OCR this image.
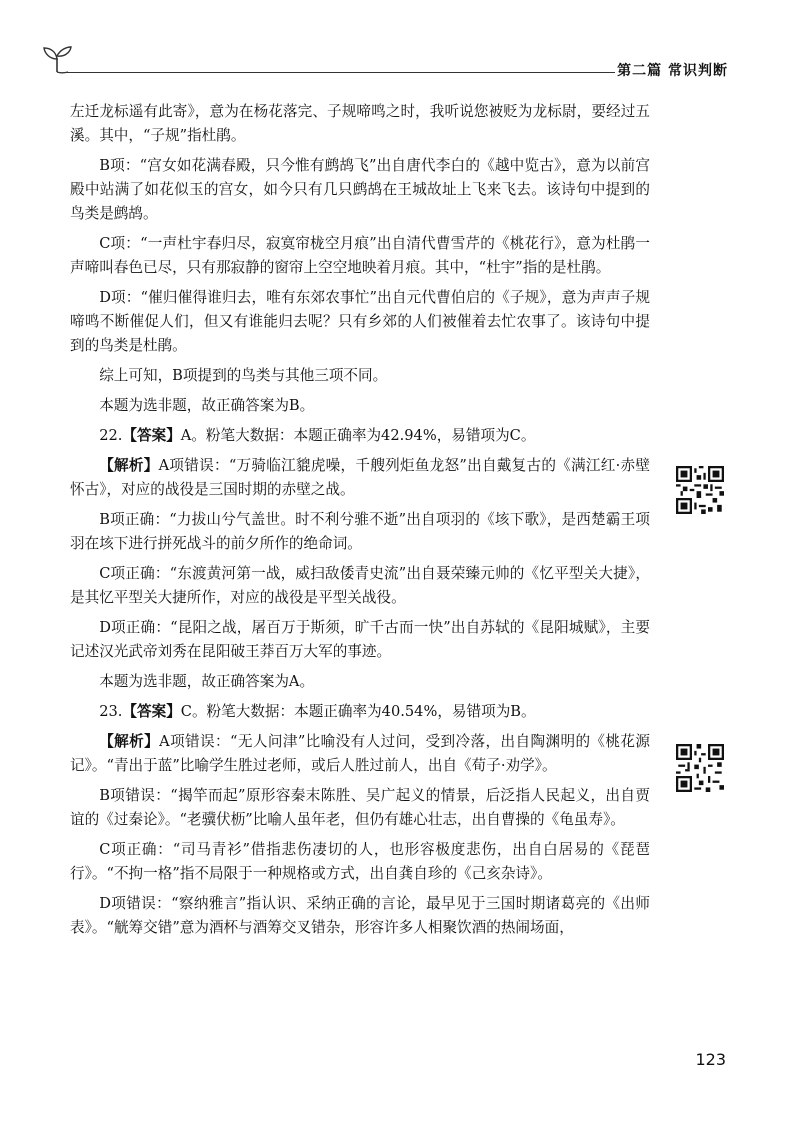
第二篇 常识判断

左迁龙标遥有此寄》，意为在杨花落完、子规啼鸣之时，我听说您被贬为龙标尉，要经过五溪。其中，“子规”指杜鹃。

B项：“宫女如花满春殿，只今惟有鹧鸪飞”出自唐代李白的《越中览古》，意为以前宫殿中站满了如花似玉的宫女，如今只有几只鹧鸪在王城故址上飞来飞去。该诗句中提到的鸟类是鹧鸪。

C项：“一声杜宇春归尽，寂寞帘栊空月痕”出自清代曹雪芹的《桃花行》，意为杜鹃一声啼叫春色已尽，只有那寂静的窗帘上空空地映着月痕。其中，“杜宇”指的是杜鹃。

D项：“催归催得谁归去，唯有东郊农事忙”出自元代曹伯启的《子规》，意为声声子规啼鸣不断催促人们，但又有谁能归去呢？只有乡郊的人们被催着去忙农事了。该诗句中提到的鸟类是杜鹃。

综上可知，B项提到的鸟类与其他三项不同。

本题为选非题，故正确答案为B。

22.【答案】A。粉笔大数据：本题正确率为42.94%，易错项为C。

【解析】A项错误：“万骑临江貔虎噪，千艘列炬鱼龙怒”出自戴复古的《满江红·赤壁怀古》，对应的战役是三国时期的赤壁之战。

B项正确：“力拔山兮气盖世。时不利兮骓不逝”出自项羽的《垓下歌》，是西楚霸王项羽在垓下进行拼死战斗的前夕所作的绝命词。

C项正确：“东渡黄河第一战，威扫敌倭青史流”出自聂荣臻元帅的《忆平型关大捷》，是其忆平型关大捷所作，对应的战役是平型关战役。

D项正确：“昆阳之战，屠百万于斯须，旷千古而一快”出自苏轼的《昆阳城赋》，主要记述汉光武帝刘秀在昆阳破王莽百万大军的事迹。

本题为选非题，故正确答案为A。

23.【答案】C。粉笔大数据：本题正确率为40.54%，易错项为B。

【解析】A项错误：“无人问津”比喻没有人过问，受到冷落，出自陶渊明的《桃花源记》。“青出于蓝”比喻学生胜过老师，或后人胜过前人，出自《荀子·劝学》。

B项错误：“揭竿而起”原形容秦末陈胜、吴广起义的情景，后泛指人民起义，出自贾谊的《过秦论》。“老骥伏枥”比喻人虽年老，但仍有雄心壮志，出自曹操的《龟虽寿》。

C项正确：“司马青衫”借指悲伤凄切的人，也形容极度悲伤，出自白居易的《琵琶行》。“不拘一格”指不局限于一种规格或方式，出自龚自珍的《己亥杂诗》。

D项错误：“察纳雅言”指认识、采纳正确的言论，最早见于三国时期诸葛亮的《出师表》。“觥筹交错”意为酒杯与酒筹交叉错杂，形容许多人相聚饮酒的热闹场面，

123
